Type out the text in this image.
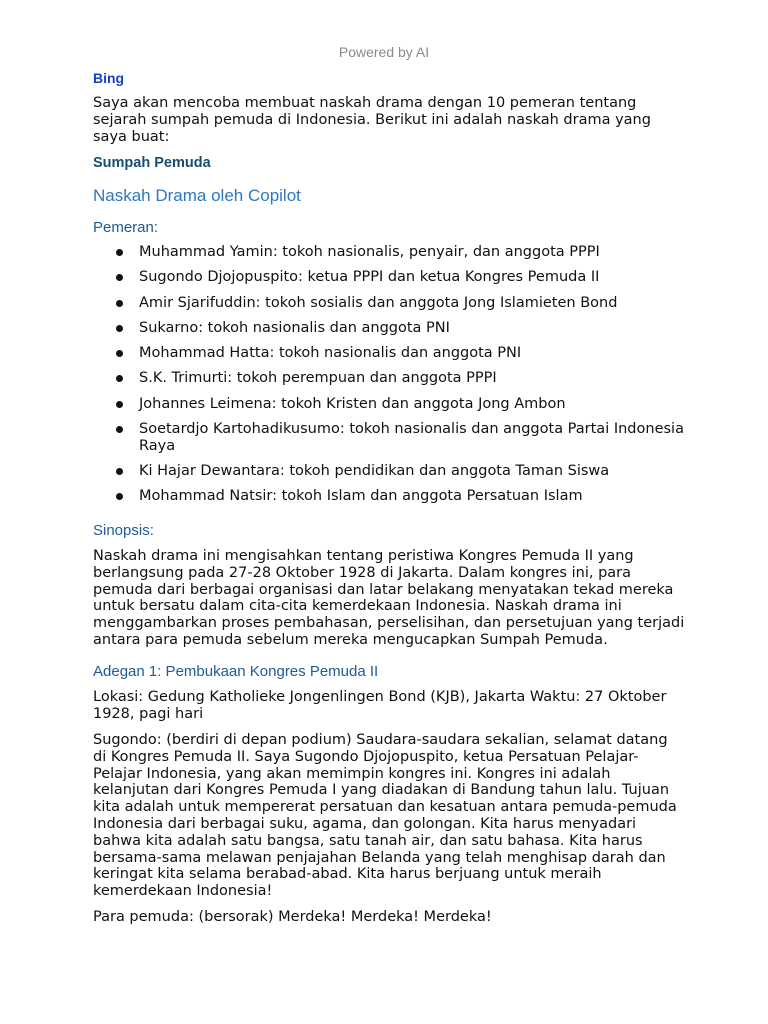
Powered by AI
Bing

Saya akan mencoba membuat naskah drama dengan 10 pemeran tentang sejarah sumpah pemuda di Indonesia. Berikut ini adalah naskah drama yang saya buat:

Sumpah Pemuda
Naskah Drama oleh Copilot
Pemeran:
Muhammad Yamin: tokoh nasionalis, penyair, dan anggota PPPI
Sugondo Djojopuspito: ketua PPPI dan ketua Kongres Pemuda II
Amir Sjarifuddin: tokoh sosialis dan anggota Jong Islamieten Bond
Sukarno: tokoh nasionalis dan anggota PNI
Mohammad Hatta: tokoh nasionalis dan anggota PNI
S.K. Trimurti: tokoh perempuan dan anggota PPPI
Johannes Leimena: tokoh Kristen dan anggota Jong Ambon
Soetardjo Kartohadikusumo: tokoh nasionalis dan anggota Partai Indonesia Raya
Ki Hajar Dewantara: tokoh pendidikan dan anggota Taman Siswa
Mohammad Natsir: tokoh Islam dan anggota Persatuan Islam
Sinopsis:

Naskah drama ini mengisahkan tentang peristiwa Kongres Pemuda II yang berlangsung pada 27-28 Oktober 1928 di Jakarta. Dalam kongres ini, para pemuda dari berbagai organisasi dan latar belakang menyatakan tekad mereka untuk bersatu dalam cita-cita kemerdekaan Indonesia. Naskah drama ini menggambarkan proses pembahasan, perselisihan, dan persetujuan yang terjadi antara para pemuda sebelum mereka mengucapkan Sumpah Pemuda.

Adegan 1: Pembukaan Kongres Pemuda II

Lokasi: Gedung Katholieke Jongenlingen Bond (KJB), Jakarta Waktu: 27 Oktober 1928, pagi hari

Sugondo: (berdiri di depan podium) Saudara-saudara sekalian, selamat datang di Kongres Pemuda II. Saya Sugondo Djojopuspito, ketua Persatuan Pelajar-Pelajar Indonesia, yang akan memimpin kongres ini. Kongres ini adalah kelanjutan dari Kongres Pemuda I yang diadakan di Bandung tahun lalu. Tujuan kita adalah untuk mempererat persatuan dan kesatuan antara pemuda-pemuda Indonesia dari berbagai suku, agama, dan golongan. Kita harus menyadari bahwa kita adalah satu bangsa, satu tanah air, dan satu bahasa. Kita harus bersama-sama melawan penjajahan Belanda yang telah menghisap darah dan keringat kita selama berabad-abad. Kita harus berjuang untuk meraih kemerdekaan Indonesia!

Para pemuda: (bersorak) Merdeka! Merdeka! Merdeka!
